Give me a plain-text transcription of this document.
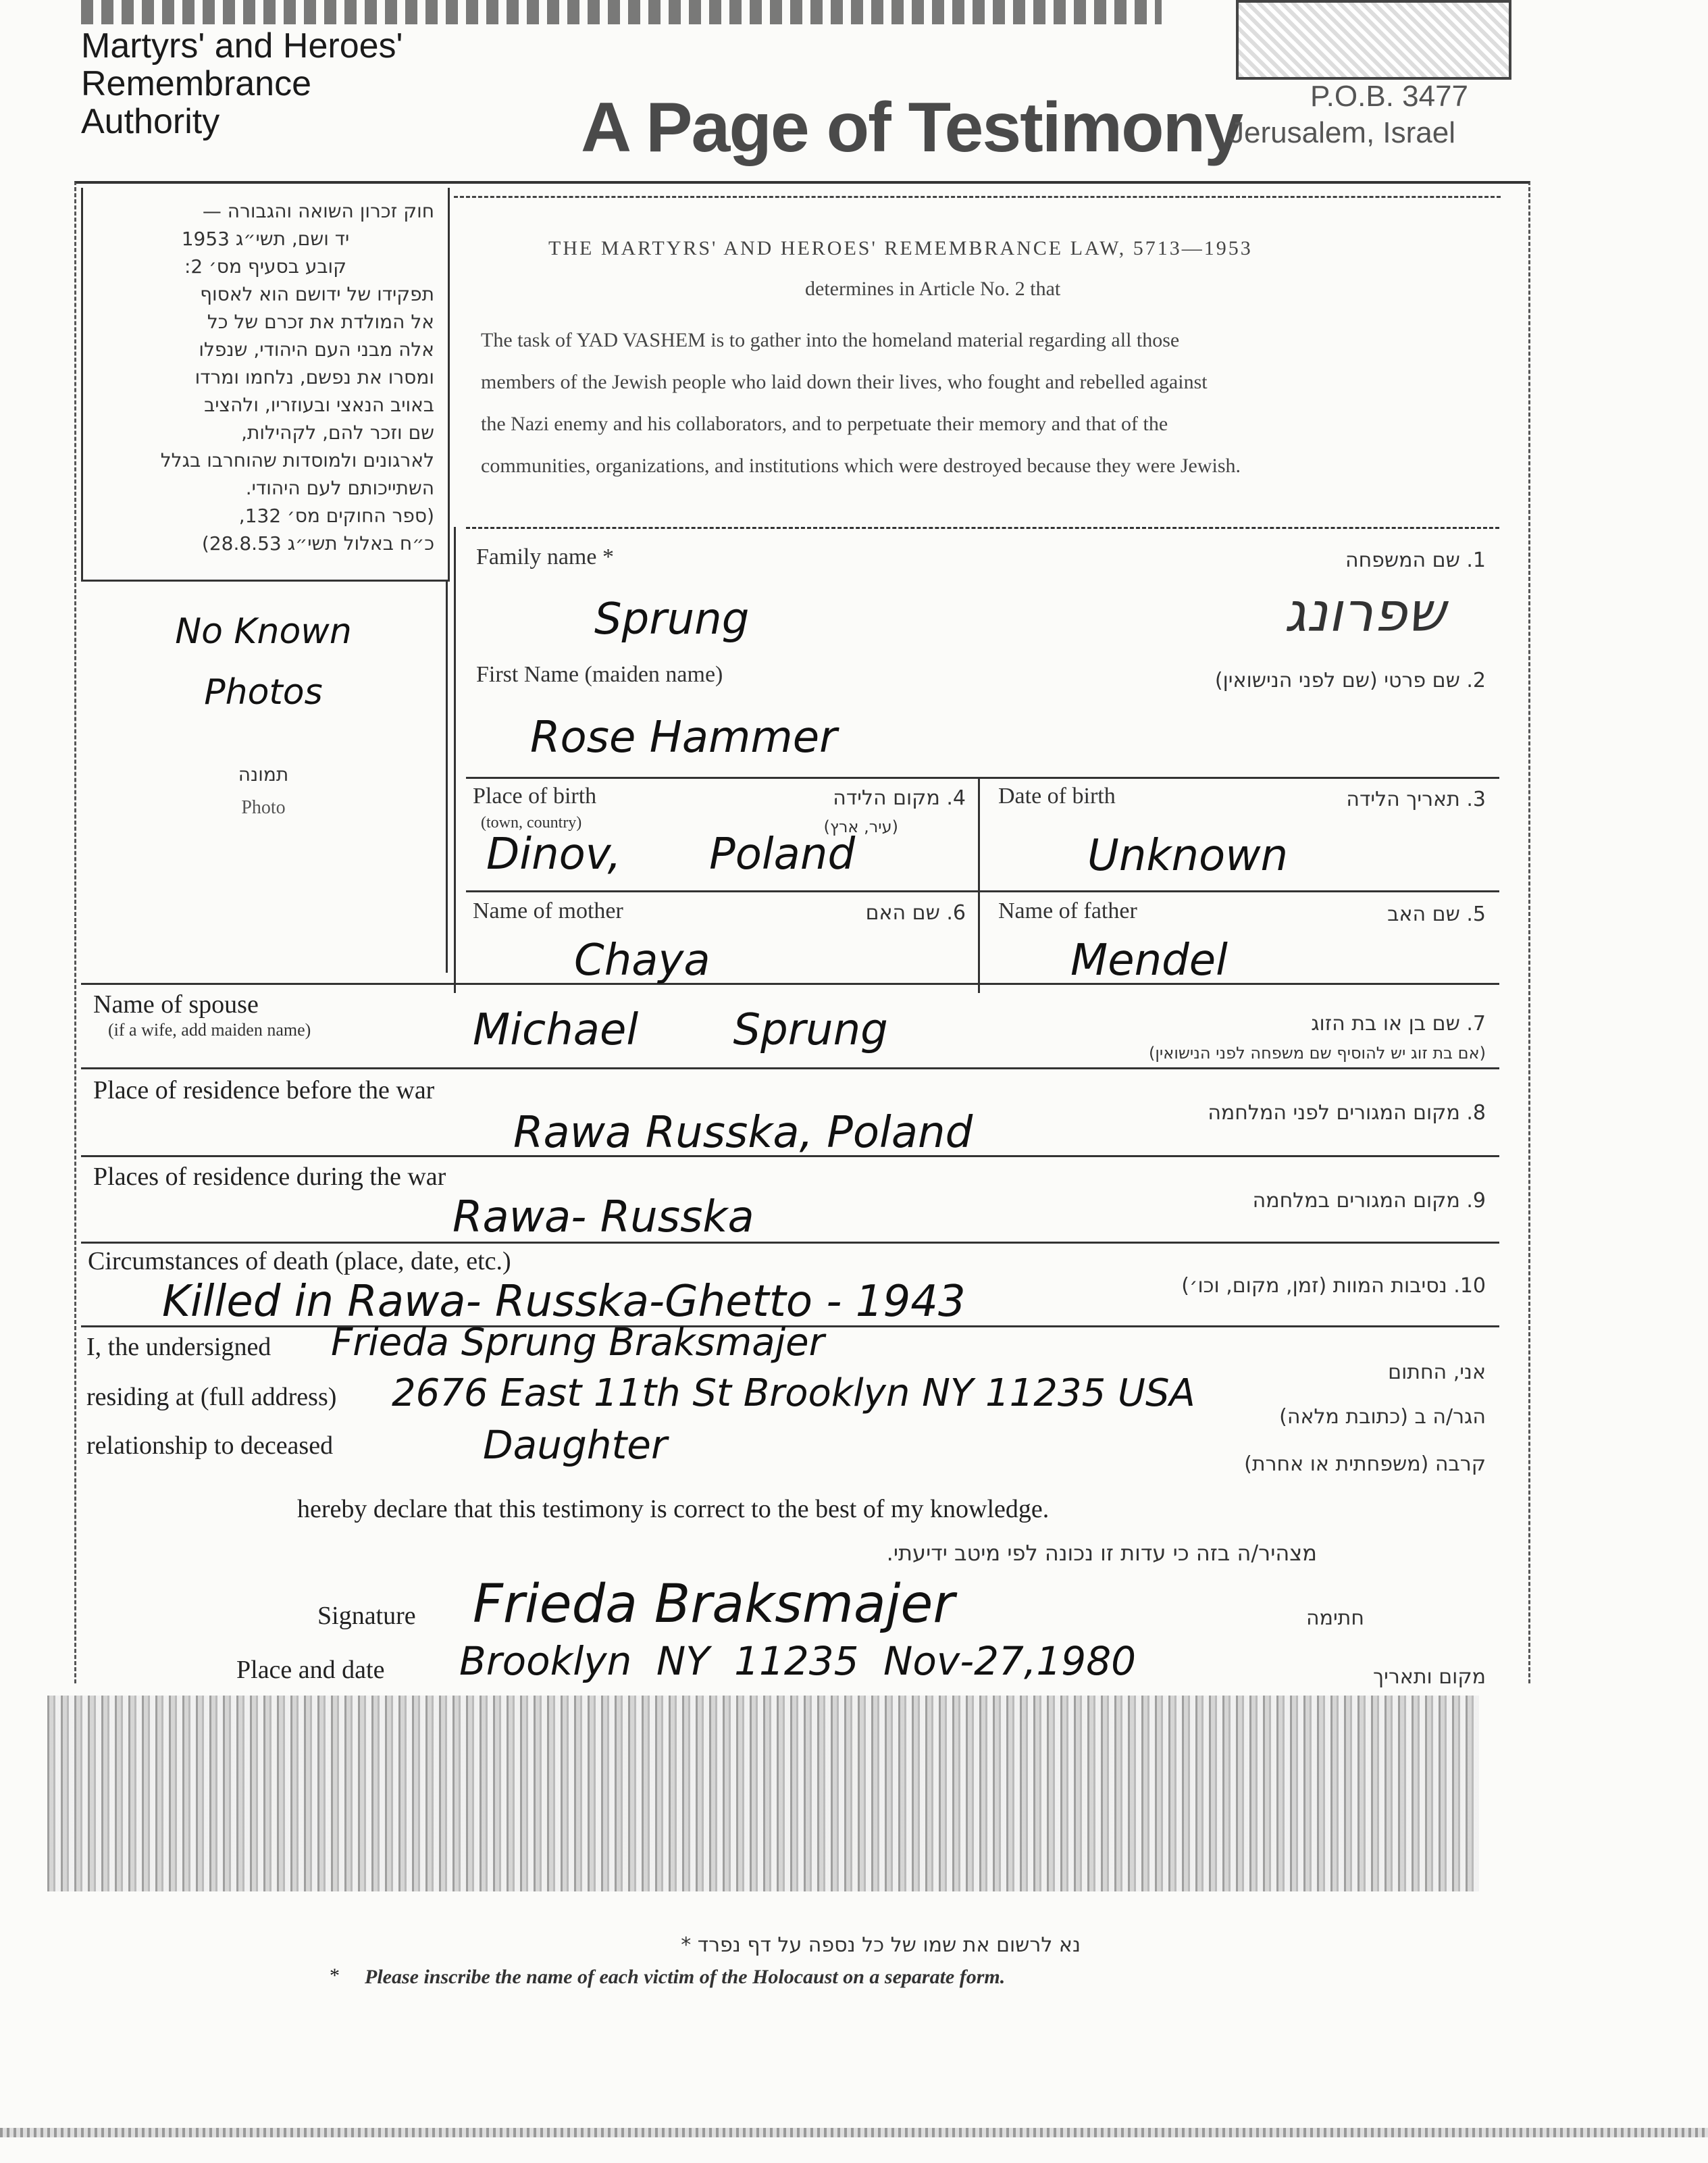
Martyrs' and Heroes'
Remembrance
Authority	A Page of Testimony P.O.B. 3477
Jerusalem, Israel
חוק זכרון השואה והגבורה —
יד ושם, תשי״ג 1953
קובע בסעיף מס׳ 2:
תפקידו של ידושם הוא לאסוף
אל המולדת את זכרם של כל
אלה מבני העם היהודי, שנפלו
ומסרו את נפשם, נלחמו ומרדו
באויב הנאצי ובעוזריו, ולהציב
שם וזכר להם, לקהילות,
לארגונים ולמוסדות שהוחרבו בגלל
השתייכותם לעם היהודי.
(ספר החוקים מס׳ 132,
כ״ח באלול תשי״ג 28.8.53)
THE MARTYRS' AND HEROES' REMEMBRANCE LAW, 5713—1953
determines in Article No. 2 that

The task of YAD VASHEM is to gather into the homeland material regarding all those

members of the Jewish people who laid down their lives, who fought and rebelled against

the Nazi enemy and his collaborators, and to perpetuate their memory and that of the

communities, organizations, and institutions which were destroyed because they were Jewish.

No Known Photos
תמונה
Photo
Family name *	1. שם המשפחה
Sprung	שפרונג
First Name (maiden name)	2. שם פרטי (שם לפני הנישואין)
Rose Hammer
Place of birth
(town, country)
4. מקום הלידה
(עיר, ארץ)
Dinov, Poland
Date of birth	3. תאריך הלידה
Unknown
Name of mother	6. שם האם
Chaya
Name of father	5. שם האב
Mendel
Name of spouse
(if a wife, add maiden name)	7. שם בן או בת הזוג
(אם בת זוג יש להוסיף שם משפחה לפני הנישואין)
Michael Sprung
Place of residence before the war
8. מקום המגורים לפני המלחמה
Rawa Russka, Poland
Places of residence during the war
9. מקום המגורים במלחמה
Rawa- Russka
Circumstances of death (place, date, etc.)
10. נסיבות המוות (זמן, מקום, וכו׳)
Killed in Rawa- Russka-Ghetto - 1943
I, the undersigned Frieda Sprung Braksmajer
אני, החתום
residing at (full address) 2676 East 11th St Brooklyn NY 11235 USA
הגר/ה ב (כתובת מלאה)
relationship to deceased	Daughter	קרבה (משפחתית או אחרת)
hereby declare that this testimony is correct to the best of my knowledge.
מצהיר/ה בזה כי עדות זו נכונה לפי מיטב ידיעתי.
Signature Frieda Braksmajer	חתימה
Place and date Brooklyn NY 11235 Nov-27,1980	מקום ותאריך
נא לרשום את שמו של כל נספה על דף נפרד *
* Please inscribe the name of each victim of the Holocaust on a separate form.
